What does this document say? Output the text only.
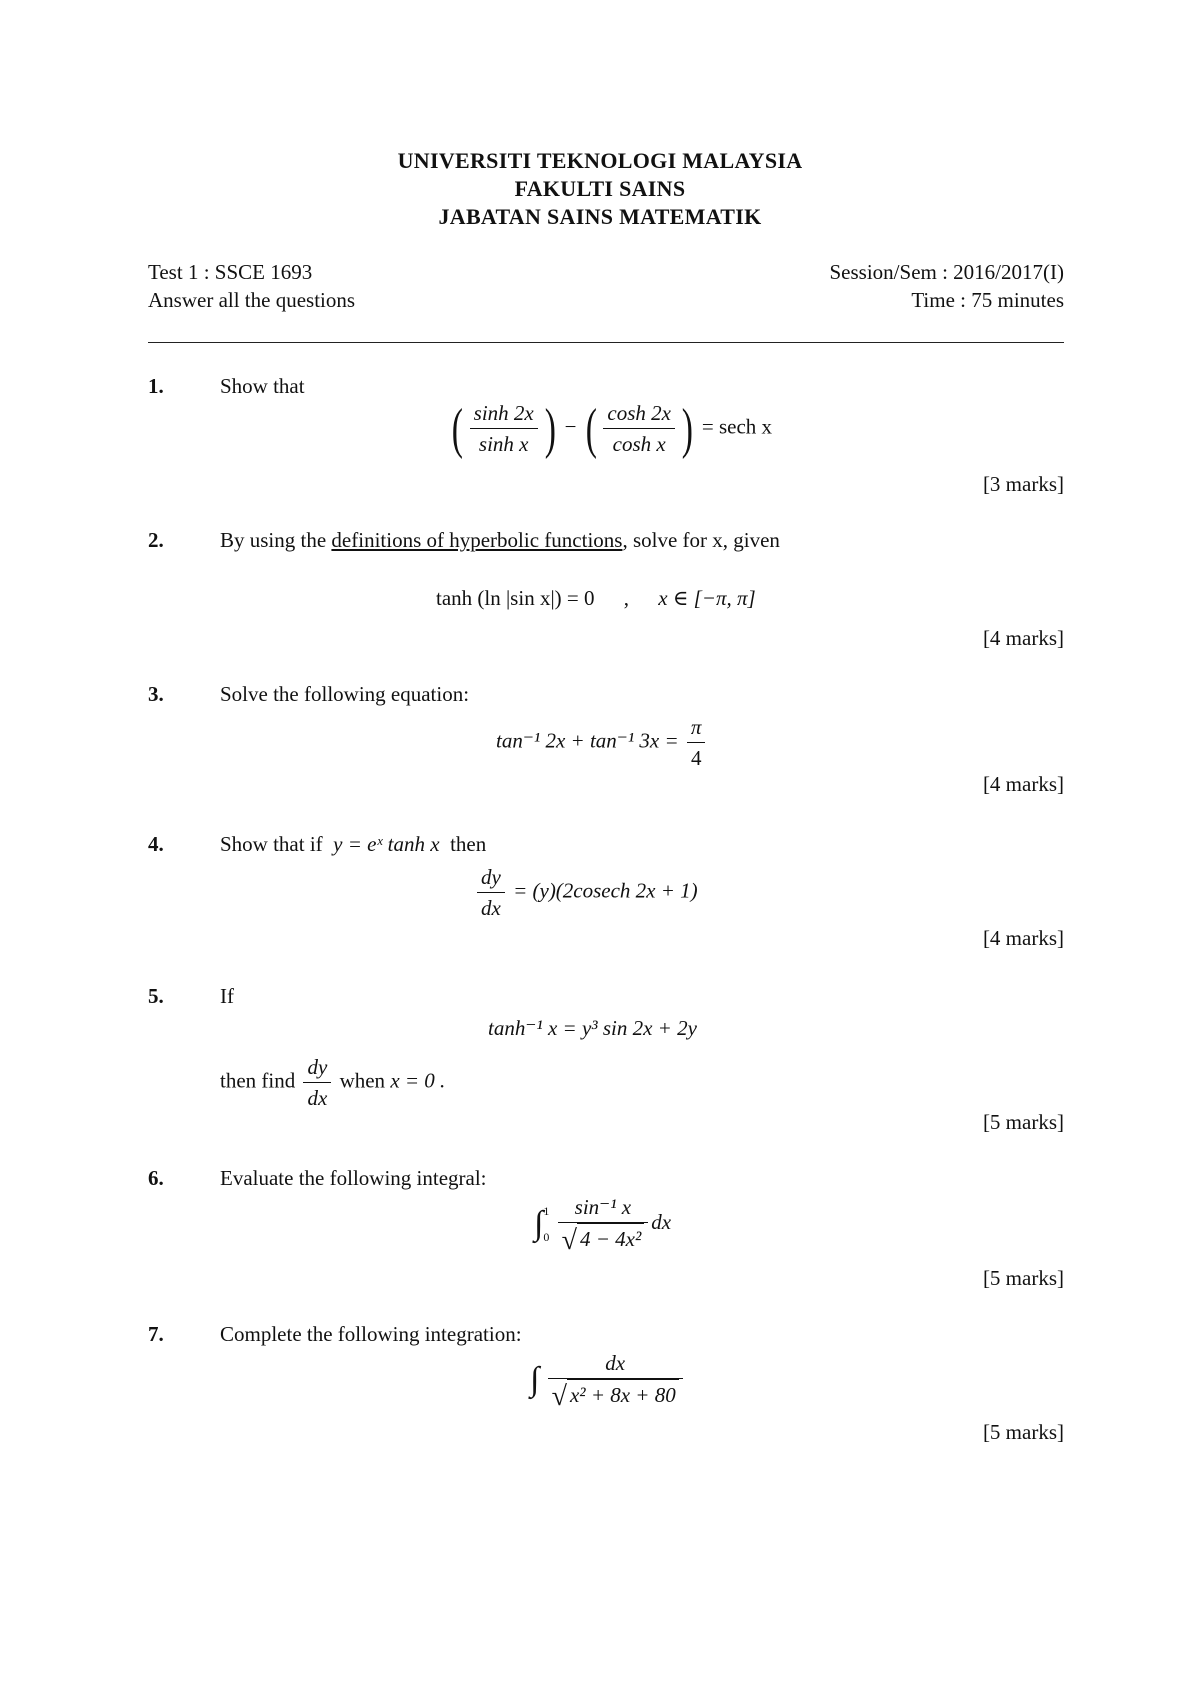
UNIVERSITI TEKNOLOGI MALAYSIA
FAKULTI SAINS
JABATAN SAINS MATEMATIK
Test 1 : SSCE 1693	Session/Sem : 2016/2017(I)
Answer all the questions	Time : 75 minutes
1.	Show that
( $\frac{\sinh 2x}{\text{sinh x}}$ ) − ( $\frac{\cosh 2x}{\text{cosh x}}$ ) = sech x
[3 marks]
2.	By using the definitions of hyperbolic functions, solve for x, given
tanh (ln |sin x|) = 0 , x ∈ [−π, π]
[4 marks]
3.	Solve the following equation:
tan⁻¹ 2x + tan⁻¹ $3x = \frac{\pi}{4}$
[4 marks]
4.	Show that if y = eˣ tanh x then
$\frac{dy}{dx} = (y)(2cosech$ 2x + 1)
[4 marks]
5.	If
tanh⁻¹ x = y³ sin 2x + 2y
then find $\frac{dy}{dx}$ when x = 0 .
[5 marks]
6.	Evaluate the following integral:
∫ 1
0
$\frac{\text{sin⁻¹ x}}{\text{√ 4 − 4x²}}$ dx
[5 marks]
7.	Complete the following integration:
∫ $\frac{dx}{\text{√ x² + 8x + 80}}$
[5 marks]
